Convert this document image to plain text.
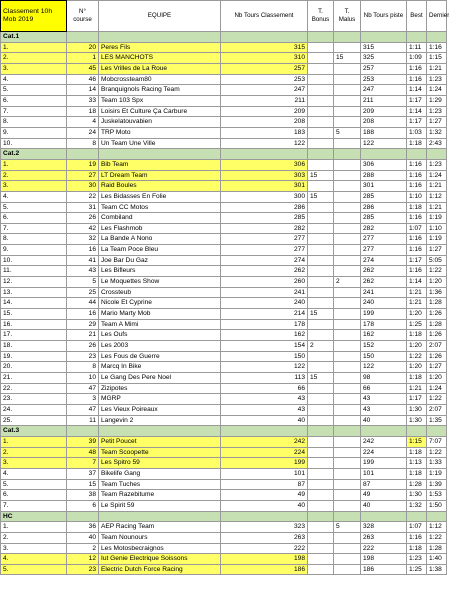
Classement 10h Mob 2019	N° course	EQUIPE	Nb Tours Classement	T. Bonus	T. Malus	Nb Tours piste	Best	Dernier
Cat.1								
1.	20	Peres Fils	315			315	1:11	1:16
2.	1	LES MANCHOTS	310		15	325	1:09	1:15
3.	45	Les Vrilles de La Roue	257			257	1:16	1:21
4.	46	Mobcrossteam80	253			253	1:16	1:23
5.	14	Branquignols Racing Team	247			247	1:14	1:24
6.	33	Team 103 Spx	211			211	1:17	1:29
7.	18	Loisirs Et Culture Ça Carbure	209			209	1:14	1:23
8.	4	Juskelatouvabien	208			208	1:17	1:27
9.	24	TRP Moto	183		5	188	1:03	1:32
10.	8	Un Team Une Ville	122			122	1:18	2:43
Cat.2								
1.	19	Bib Team	306			306	1:16	1:23
2.	27	LT Dream Team	303	15		288	1:16	1:24
3.	30	Raid Boules	301			301	1:16	1:21
4.	22	Les Bidasses En Folie	300	15		285	1:10	1:12
5.	31	Team CC Motos	286			286	1:18	1:21
6.	26	Combiland	285			285	1:16	1:19
7.	42	Les Flashmob	282			282	1:07	1:10
8.	32	La Bande A Nono	277			277	1:16	1:19
9.	16	La Team Poce Bleu	277			277	1:16	1:27
10.	41	Joe Bar Du Gaz	274			274	1:17	5:05
11.	43	Les Bifleurs	262			262	1:16	1:22
12.	5	Le Moquettes Show	260		2	262	1:14	1:20
13.	25	Crossteub	241			241	1:21	1:36
14.	44	Nicole Et Cyprine	240			240	1:21	1:28
15.	16	Mario Marty Mob	214	15		199	1:20	1:26
16.	29	Team A Mimi	178			178	1:25	1:28
17.	21	Les Oufs	162			162	1:18	1:26
18.	26	Les 2003	154	2		152	1:20	2:07
19.	23	Les Fous de Guerre	150			150	1:22	1:26
20.	8	Marcq In Bike	122			122	1:20	1:27
21.	10	Le Gang Des Pere Noel	113	15		98	1:18	1:20
22.	47	Zizipotes	66			66	1:21	1:24
23.	3	MGRP	43			43	1:17	1:22
24.	47	Les Vieux Poireaux	43			43	1:30	2:07
25.	11	Langevin 2	40			40	1:30	1:35
Cat.3								
1.	39	Petit Poucet	242			242	1:15	7:07
2.	48	Team Scoopette	224			224	1:18	1:22
3.	7	Les Spitro 59	199			199	1:13	1:33
4.	37	Bikelife Gang	101			101	1:18	1:19
5.	15	Team Tuches	87			87	1:28	1:39
6.	38	Team Razebitume	49			49	1:30	1:53
7.	6	Le Spirit 59	40			40	1:32	1:50
HC								
1.	36	AEP Racing Team	323		5	328	1:07	1:12
2.	40	Team Nounours	263			263	1:16	1:22
3.	2	Les Motosbecraignos	222			222	1:18	1:28
4.	12	Iut Genie Electrique Soissons	198			198	1:23	1:40
5.	23	Electric Dutch Force Racing	186			186	1:25	1:38
